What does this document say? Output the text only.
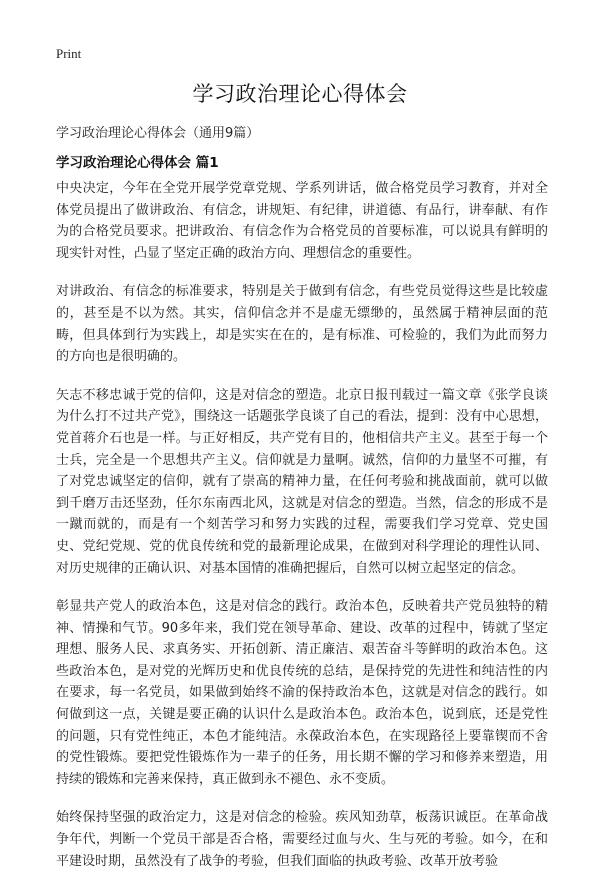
Print
学习政治理论心得体会
学习政治理论心得体会（通用9篇）
学习政治理论心得体会 篇1

中央决定，今年在全党开展学党章党规、学系列讲话，做合格党员学习教育，并对全体党员提出了做讲政治、有信念，讲规矩、有纪律，讲道德、有品行，讲奉献、有作为的合格党员要求。把讲政治、有信念作为合格党员的首要标准，可以说具有鲜明的现实针对性，凸显了坚定正确的政治方向、理想信念的重要性。

对讲政治、有信念的标准要求，特别是关于做到有信念，有些党员觉得这些是比较虚的，甚至是不以为然。其实，信仰信念并不是虚无缥缈的，虽然属于精神层面的范畴，但具体到行为实践上，却是实实在在的，是有标准、可检验的，我们为此而努力的方向也是很明确的。

矢志不移忠诚于党的信仰，这是对信念的塑造。北京日报刊载过一篇文章《张学良谈为什么打不过共产党》，围绕这一话题张学良谈了自己的看法，提到：没有中心思想，党首蒋介石也是一样。与正好相反，共产党有目的，他相信共产主义。甚至于每一个士兵，完全是一个思想共产主义。信仰就是力量啊。诚然，信仰的力量坚不可摧，有了对党忠诚坚定的信仰，就有了崇高的精神力量，在任何考验和挑战面前，就可以做到千磨万击还坚劲，任尔东南西北风，这就是对信念的塑造。当然，信念的形成不是一蹴而就的，而是有一个刻苦学习和努力实践的过程，需要我们学习党章、党史国史、党纪党规、党的优良传统和党的最新理论成果，在做到对科学理论的理性认同、对历史规律的正确认识、对基本国情的准确把握后，自然可以树立起坚定的信念。

彰显共产党人的政治本色，这是对信念的践行。政治本色，反映着共产党员独特的精神、情操和气节。90多年来，我们党在领导革命、建设、改革的过程中，铸就了坚定理想、服务人民、求真务实、开拓创新、清正廉洁、艰苦奋斗等鲜明的政治本色。这些政治本色，是对党的光辉历史和优良传统的总结，是保持党的先进性和纯洁性的内在要求，每一名党员，如果做到始终不渝的保持政治本色，这就是对信念的践行。如何做到这一点，关键是要正确的认识什么是政治本色。政治本色，说到底，还是党性的问题，只有党性纯正，本色才能纯洁。永葆政治本色，在实现路径上要靠锲而不舍的党性锻炼。要把党性锻炼作为一辈子的任务，用长期不懈的学习和修养来塑造，用持续的锻炼和完善来保持，真正做到永不褪色、永不变质。

始终保持坚强的政治定力，这是对信念的检验。疾风知劲草，板荡识诚臣。在革命战争年代，判断一个党员干部是否合格，需要经过血与火、生与死的考验。如今，在和平建设时期，虽然没有了战争的考验，但我们面临的执政考验、改革开放考验
